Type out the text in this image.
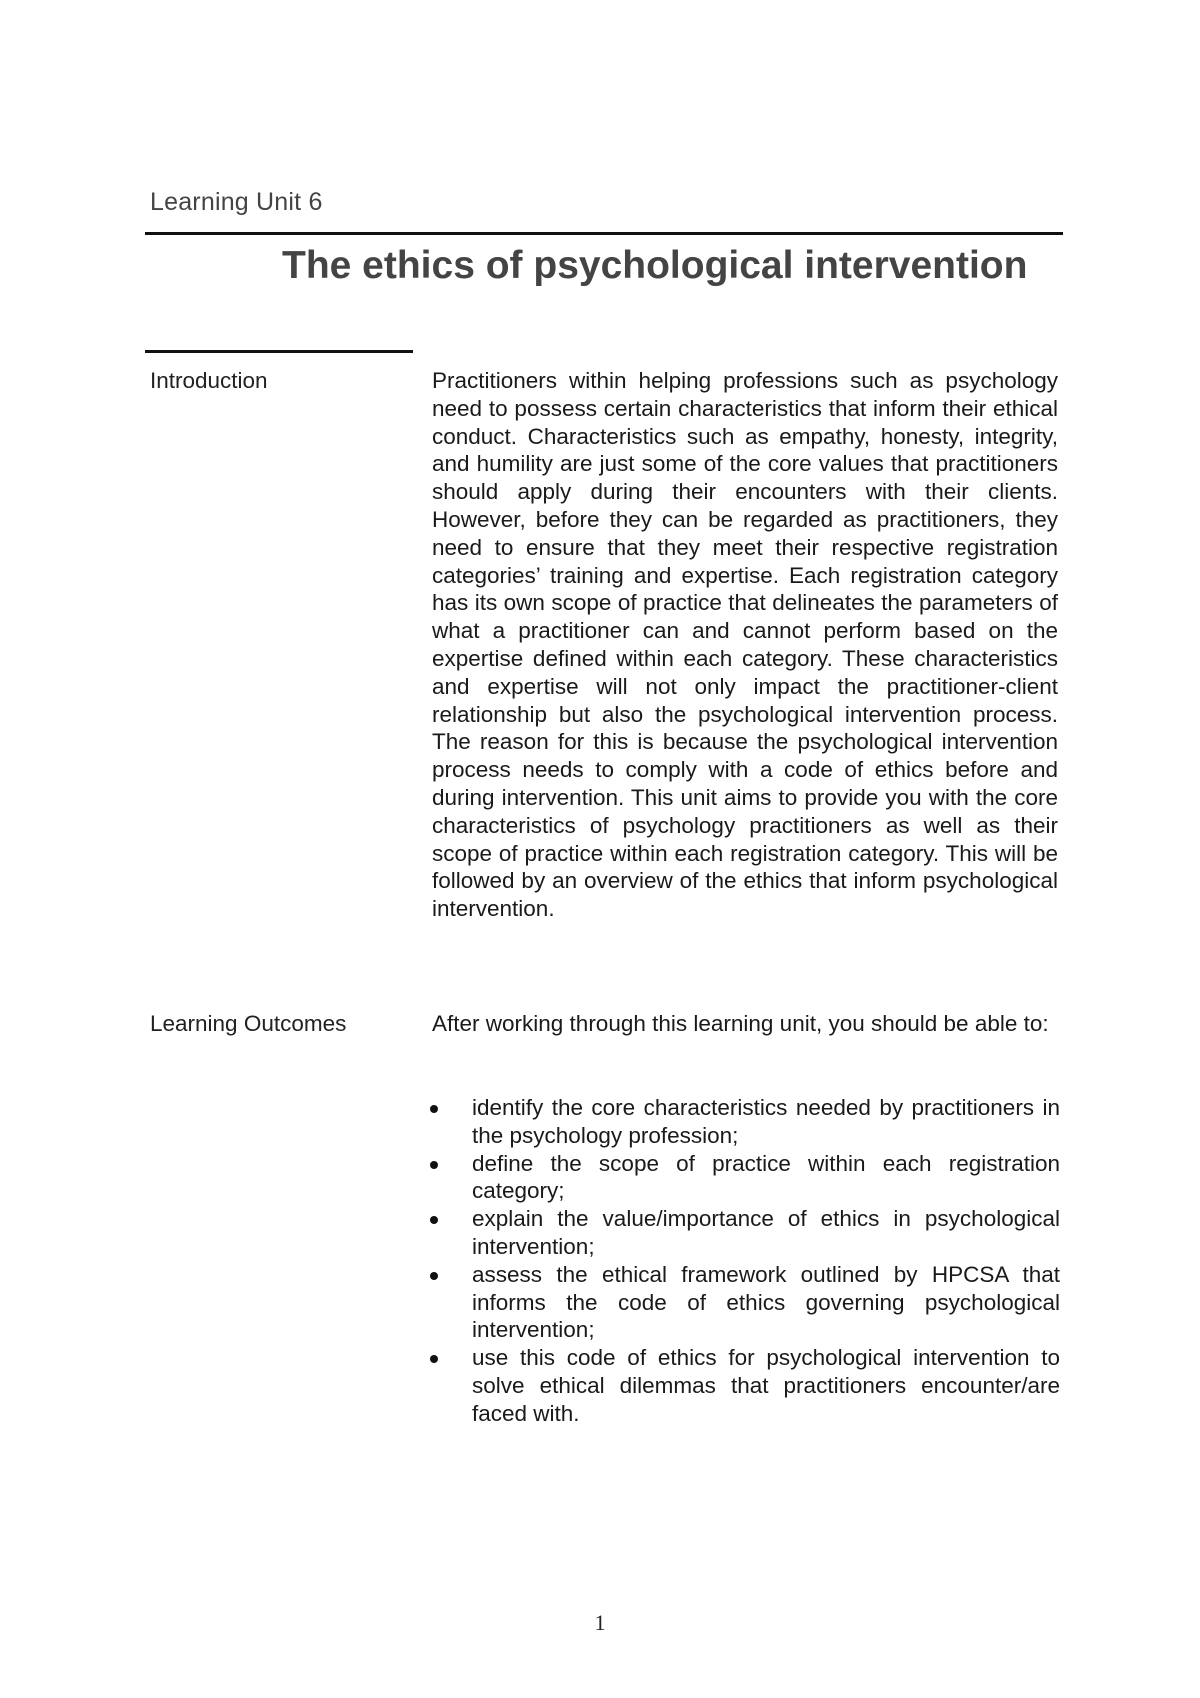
Learning Unit 6
The ethics of psychological intervention
Introduction	Practitioners within helping professions such as psychology need to possess certain characteristics that inform their ethical conduct. Characteristics such as empathy, honesty, integrity, and humility are just some of the core values that practitioners should apply during their encounters with their clients. However, before they can be regarded as practitioners, they need to ensure that they meet their respective registration categories’ training and expertise. Each registration category has its own scope of practice that delineates the parameters of what a practitioner can and cannot perform based on the expertise defined within each category. These characteristics and expertise will not only impact the practitioner-client relationship but also the psychological intervention process. The reason for this is because the psychological intervention process needs to comply with a code of ethics before and during intervention. This unit aims to provide you with the core characteristics of psychology practitioners as well as their scope of practice within each registration category. This will be followed by an overview of the ethics that inform psychological intervention.

Learning Outcomes	After working through this learning unit, you should be able to:

identify the core characteristics needed by practitioners in the psychology profession;
define the scope of practice within each registration category;
explain the value/importance of ethics in psychological intervention;
assess the ethical framework outlined by HPCSA that informs the code of ethics governing psychological intervention;
use this code of ethics for psychological intervention to solve ethical dilemmas that practitioners encounter/are faced with.
1
